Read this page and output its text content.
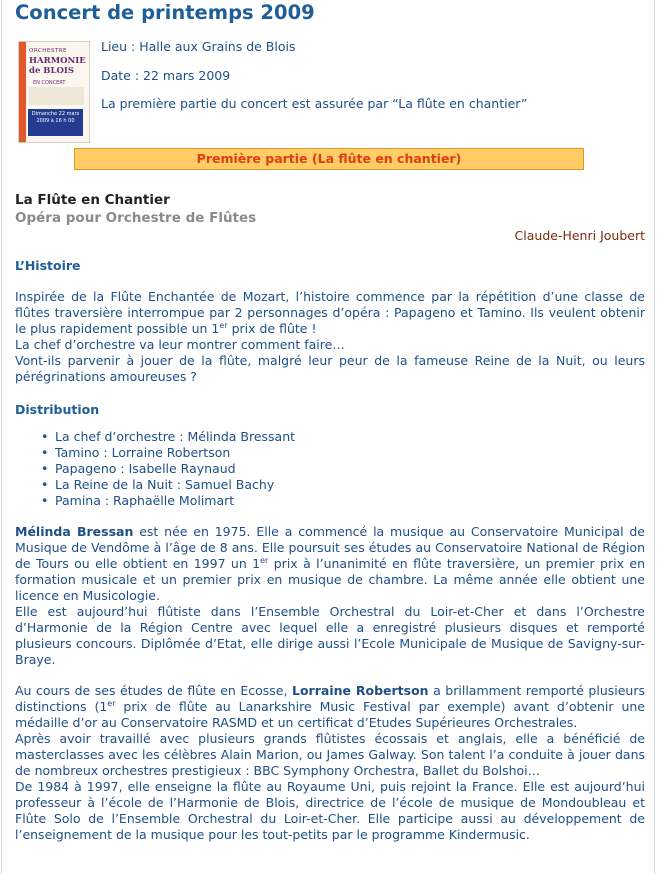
Concert de printemps 2009
ORCHESTRE
HARMONIE
de BLOIS
EN CONCERT
Dimanche 22 mars 2009 à 16 h 00
Lieu : Halle aux Grains de Blois
Date : 22 mars 2009
La première partie du concert est assurée par “La flûte en chantier”
Première partie (La flûte en chantier)
La Flûte en Chantier
Opéra pour Orchestre de Flûtes
Claude-Henri Joubert
L’Histoire

Inspirée de la Flûte Enchantée de Mozart, l’histoire commence par la répétition d’une classe de flûtes traversière interrompue par 2 personnages d’opéra : Papageno et Tamino. Ils veulent obtenir le plus rapidement possible un 1er prix de flûte !

La chef d’orchestre va leur montrer comment faire…

Vont-ils parvenir à jouer de la flûte, malgré leur peur de la fameuse Reine de la Nuit, ou leurs pérégrinations amoureuses ?

Distribution
• La chef d’orchestre : Mélinda Bressant
• Tamino : Lorraine Robertson
• Papageno : Isabelle Raynaud
• La Reine de la Nuit : Samuel Bachy
• Pamina : Raphaëlle Molimart

Mélinda Bressan est née en 1975. Elle a commencé la musique au Conservatoire Municipal de Musique de Vendôme à l’âge de 8 ans. Elle poursuit ses études au Conservatoire National de Région de Tours ou elle obtient en 1997 un 1er prix à l’unanimité en flûte traversière, un premier prix en formation musicale et un premier prix en musique de chambre. La même année elle obtient une licence en Musicologie.

Elle est aujourd’hui flûtiste dans l’Ensemble Orchestral du Loir-et-Cher et dans l’Orchestre d’Harmonie de la Région Centre avec lequel elle a enregistré plusieurs disques et remporté plusieurs concours. Diplômée d’Etat, elle dirige aussi l’Ecole Municipale de Musique de Savigny-sur-Braye.

Au cours de ses études de flûte en Ecosse, Lorraine Robertson a brillamment remporté plusieurs distinctions (1er prix de flûte au Lanarkshire Music Festival par exemple) avant d’obtenir une médaille d’or au Conservatoire RASMD et un certificat d’Etudes Supérieures Orchestrales.

Après avoir travaillé avec plusieurs grands flûtistes écossais et anglais, elle a bénéficié de masterclasses avec les célèbres Alain Marion, ou James Galway. Son talent l’a conduite à jouer dans de nombreux orchestres prestigieux : BBC Symphony Orchestra, Ballet du Bolshoi…

De 1984 à 1997, elle enseigne la flûte au Royaume Uni, puis rejoint la France. Elle est aujourd’hui professeur à l’école de l’Harmonie de Blois, directrice de l’école de musique de Mondoubleau et Flûte Solo de l’Ensemble Orchestral du Loir-et-Cher. Elle participe aussi au développement de l’enseignement de la musique pour les tout-petits par le programme Kindermusic.
